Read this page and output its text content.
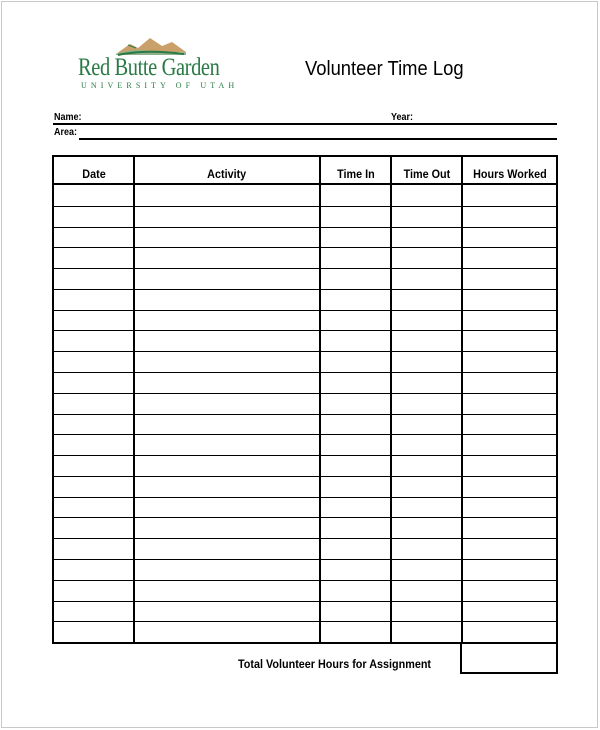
Red Butte Garden
UNIVERSITY OF UTAH
Volunteer Time Log
Name:	Year:
Area:
Date	Activity	Time In	Time Out	Hours Worked
Total Volunteer Hours for Assignment
